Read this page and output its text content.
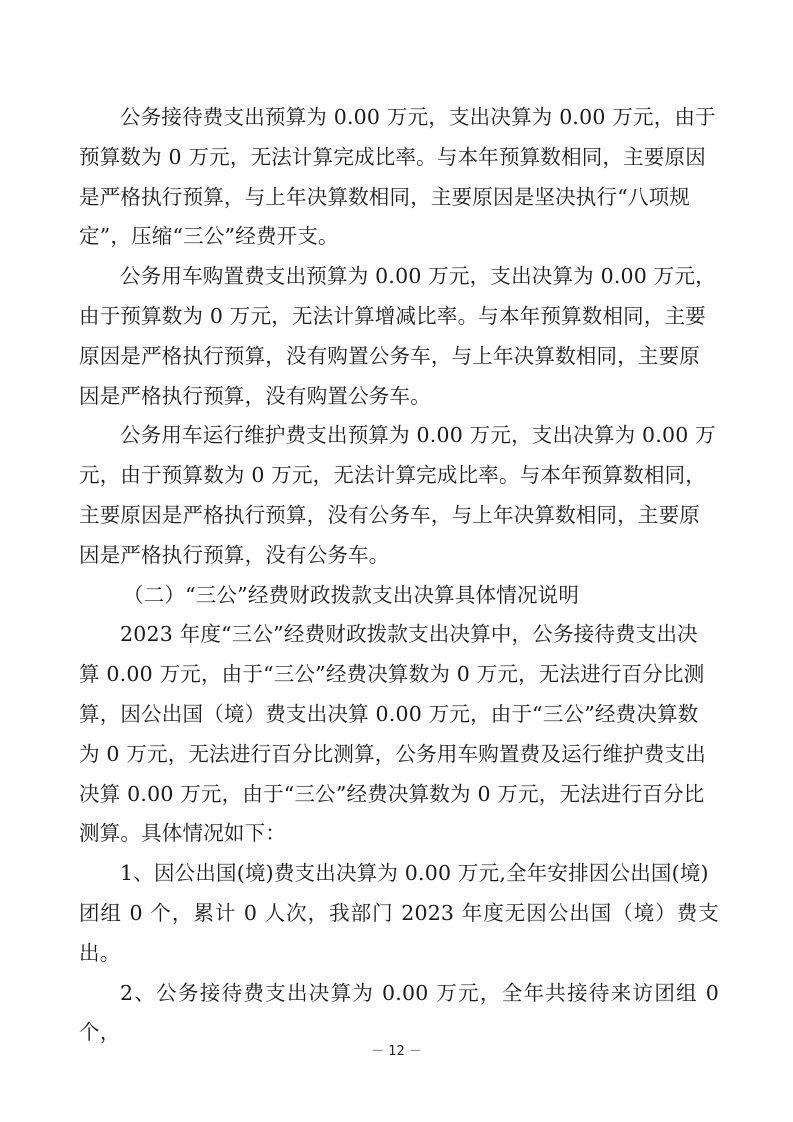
公务接待费支出预算为 0.00 万元，支出决算为 0.00 万元，由于
预算数为 0 万元，无法计算完成比率。与本年预算数相同，主要原因
是严格执行预算，与上年决算数相同，主要原因是坚决执行“八项规
定”，压缩“三公”经费开支。

公务用车购置费支出预算为 0.00 万元，支出决算为 0.00 万元，
由于预算数为 0 万元，无法计算增减比率。与本年预算数相同，主要
原因是严格执行预算，没有购置公务车，与上年决算数相同，主要原
因是严格执行预算，没有购置公务车。

公务用车运行维护费支出预算为 0.00 万元，支出决算为 0.00 万
元，由于预算数为 0 万元，无法计算完成比率。与本年预算数相同，
主要原因是严格执行预算，没有公务车，与上年决算数相同，主要原
因是严格执行预算，没有公务车。

（二）“三公”经费财政拨款支出决算具体情况说明

2023 年度“三公”经费财政拨款支出决算中，公务接待费支出决
算 0.00 万元，由于“三公”经费决算数为 0 万元，无法进行百分比测
算，因公出国（境）费支出决算 0.00 万元，由于“三公”经费决算数
为 0 万元，无法进行百分比测算，公务用车购置费及运行维护费支出
决算 0.00 万元，由于“三公”经费决算数为 0 万元，无法进行百分比
测算。具体情况如下：

1、因公出国(境)费支出决算为 0.00 万元,全年安排因公出国(境)
团组 0 个，累计 0 人次，我部门 2023 年度无因公出国（境）费支出。

2、公务接待费支出决算为 0.00 万元，全年共接待来访团组 0 个，

－ 12 －
